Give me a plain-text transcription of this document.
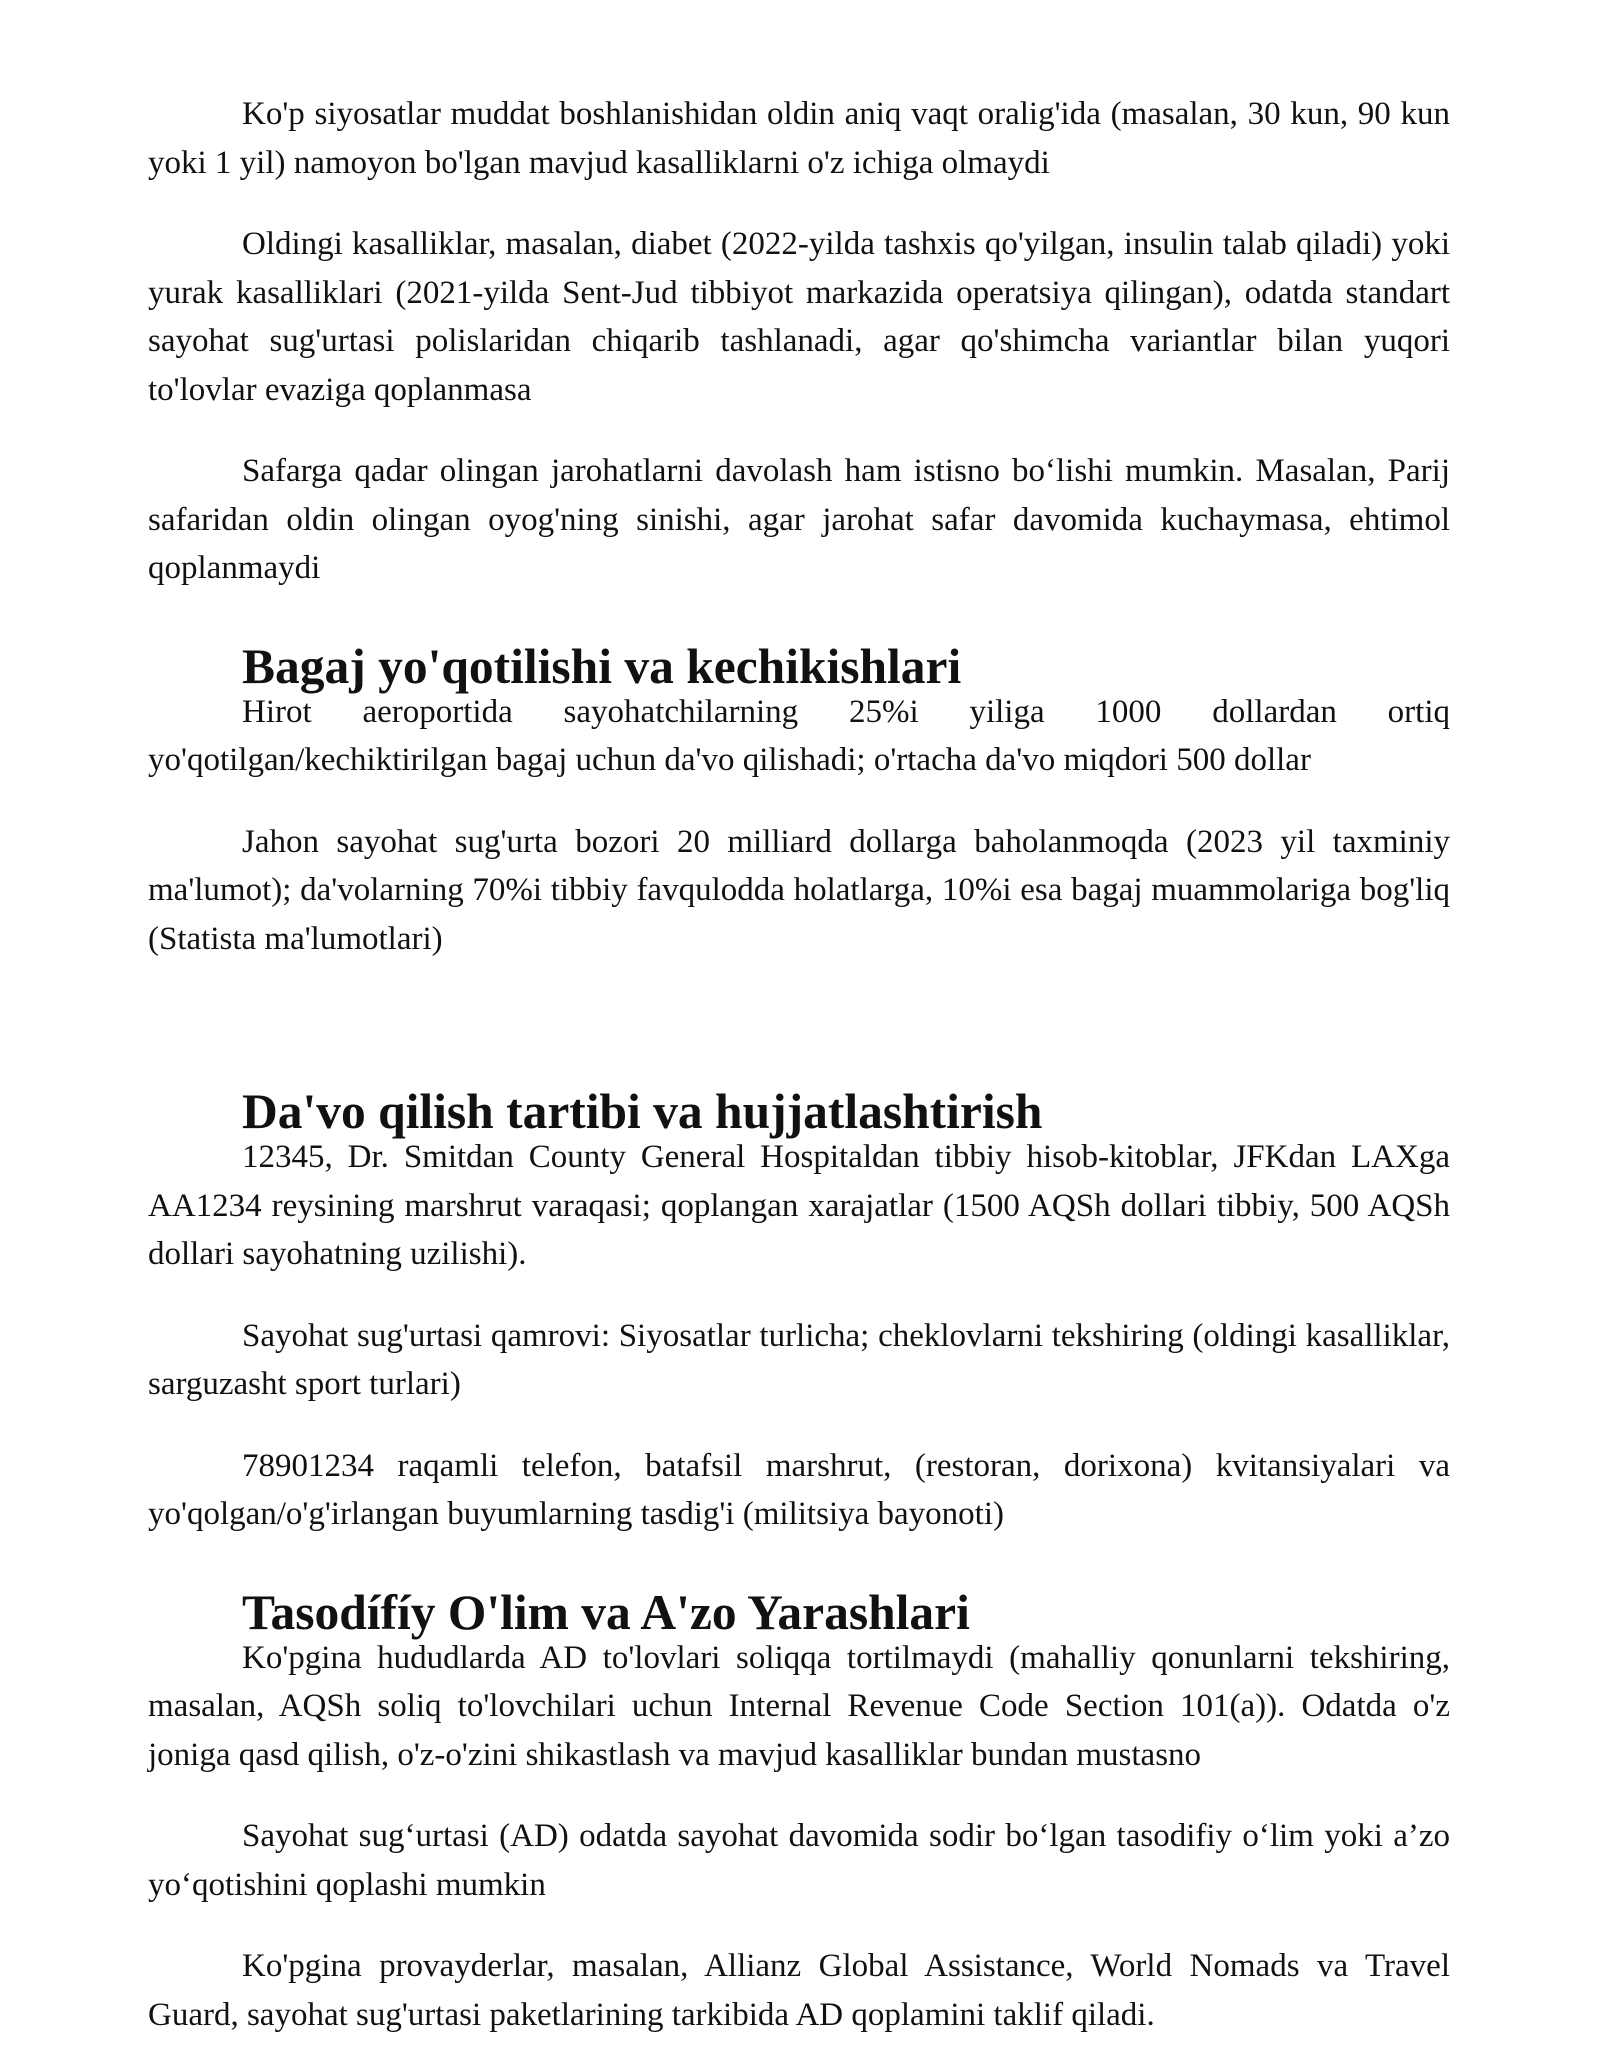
Ko'p siyosatlar muddat boshlanishidan oldin aniq vaqt oralig'ida (masalan, 30 kun, 90 kun yoki 1 yil) namoyon bo'lgan mavjud kasalliklarni o'z ichiga olmaydi

Oldingi kasalliklar, masalan, diabet (2022-yilda tashxis qo'yilgan, insulin talab qiladi) yoki yurak kasalliklari (2021-yilda Sent-Jud tibbiyot markazida operatsiya qilingan), odatda standart sayohat sug'urtasi polislaridan chiqarib tashlanadi, agar qo'shimcha variantlar bilan yuqori to'lovlar evaziga qoplanmasa

Safarga qadar olingan jarohatlarni davolash ham istisno bo‘lishi mumkin. Masalan, Parij safaridan oldin olingan oyog'ning sinishi, agar jarohat safar davomida kuchaymasa, ehtimol qoplanmaydi

Bagaj yo'qotilishi va kechikishlari

Hirot aeroportida sayohatchilarning 25%i yiliga 1000 dollardan ortiq yo'qotilgan/kechiktirilgan bagaj uchun da'vo qilishadi; o'rtacha da'vo miqdori 500 dollar

Jahon sayohat sug'urta bozori 20 milliard dollarga baholanmoqda (2023 yil taxminiy ma'lumot); da'volarning 70%i tibbiy favqulodda holatlarga, 10%i esa bagaj muammolariga bog'liq (Statista ma'lumotlari)

Da'vo qilish tartibi va hujjatlashtirish

12345, Dr. Smitdan County General Hospitaldan tibbiy hisob-kitoblar, JFKdan LAXga AA1234 reysining marshrut varaqasi; qoplangan xarajatlar (1500 AQSh dollari tibbiy, 500 AQSh dollari sayohatning uzilishi).

Sayohat sug'urtasi qamrovi: Siyosatlar turlicha; cheklovlarni tekshiring (oldingi kasalliklar, sarguzasht sport turlari)

78901234 raqamli telefon, batafsil marshrut, (restoran, dorixona) kvitansiyalari va yo'qolgan/o'g'irlangan buyumlarning tasdig'i (militsiya bayonoti)

Tasodífíy O'lim va A'zo Yarashlari

Ko'pgina hududlarda AD to'lovlari soliqqa tortilmaydi (mahalliy qonunlarni tekshiring, masalan, AQSh soliq to'lovchilari uchun Internal Revenue Code Section 101(a)). Odatda o'z joniga qasd qilish, o'z-o'zini shikastlash va mavjud kasalliklar bundan mustasno

Sayohat sug‘urtasi (AD) odatda sayohat davomida sodir bo‘lgan tasodifiy o‘lim yoki a’zo yo‘qotishini qoplashi mumkin

Ko'pgina provayderlar, masalan, Allianz Global Assistance, World Nomads va Travel Guard, sayohat sug'urtasi paketlarining tarkibida AD qoplamini taklif qiladi.
